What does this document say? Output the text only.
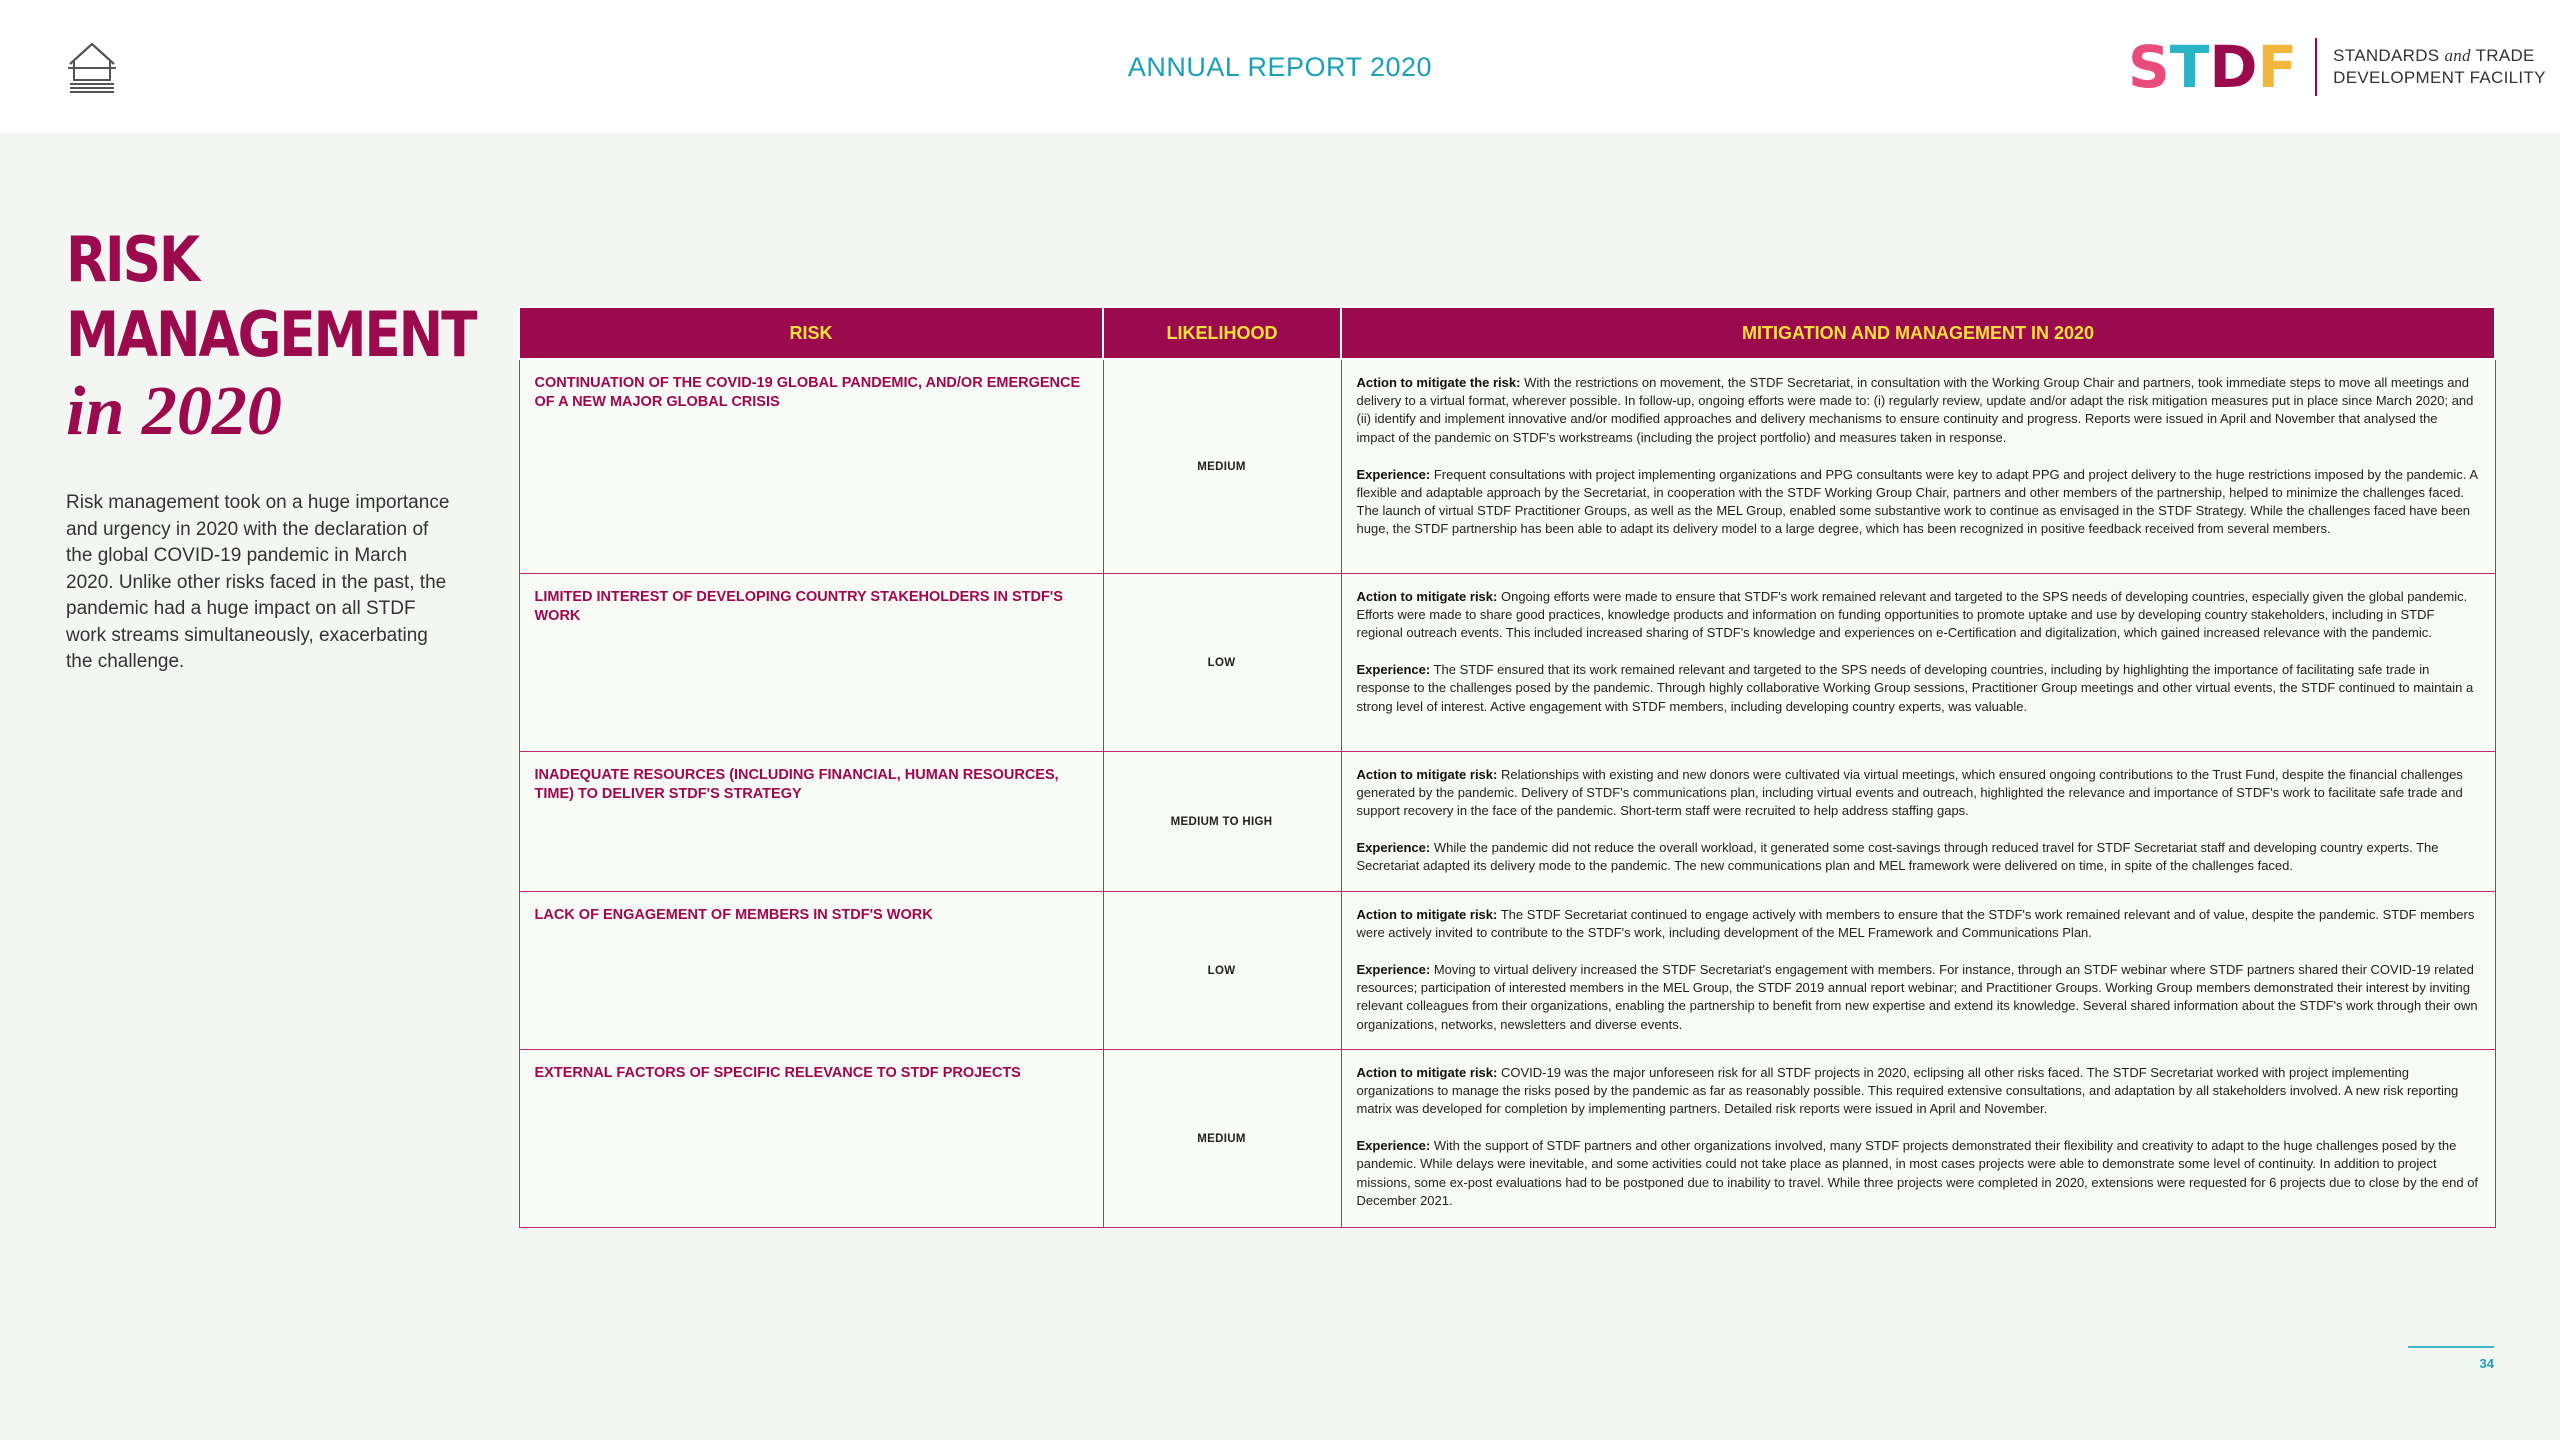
ANNUAL REPORT 2020	S T D F STANDARDS and TRADE
DEVELOPMENT FACILITY
RISK
MANAGEMENT
in 2020

Risk management took on a huge importance and urgency in 2020 with the declaration of the global COVID-19 pandemic in March 2020. Unlike other risks faced in the past, the pandemic had a huge impact on all STDF work streams simultaneously, exacerbating the challenge.

RISK	LIKELIHOOD	MITIGATION AND MANAGEMENT IN 2020

CONTINUATION OF THE COVID-19 GLOBAL PANDEMIC, AND/OR EMERGENCE OF A NEW MAJOR GLOBAL CRISIS	MEDIUM	Action to mitigate the risk: With the restrictions on movement, the STDF Secretariat, in consultation with the Working Group Chair and partners, took immediate steps to move all meetings and delivery to a virtual format, wherever possible. In follow-up, ongoing efforts were made to: (i) regularly review, update and/or adapt the risk mitigation measures put in place since March 2020; and (ii) identify and implement innovative and/or modified approaches and delivery mechanisms to ensure continuity and progress. Reports were issued in April and November that analysed the impact of the pandemic on STDF's workstreams (including the project portfolio) and measures taken in response.

Experience: Frequent consultations with project implementing organizations and PPG consultants were key to adapt PPG and project delivery to the huge restrictions imposed by the pandemic. A flexible and adaptable approach by the Secretariat, in cooperation with the STDF Working Group Chair, partners and other members of the partnership, helped to minimize the challenges faced. The launch of virtual STDF Practitioner Groups, as well as the MEL Group, enabled some substantive work to continue as envisaged in the STDF Strategy. While the challenges faced have been huge, the STDF partnership has been able to adapt its delivery model to a large degree, which has been recognized in positive feedback received from several members.

LIMITED INTEREST OF DEVELOPING COUNTRY STAKEHOLDERS IN STDF'S WORK	LOW	Action to mitigate risk: Ongoing efforts were made to ensure that STDF's work remained relevant and targeted to the SPS needs of developing countries, especially given the global pandemic. Efforts were made to share good practices, knowledge products and information on funding opportunities to promote uptake and use by developing country stakeholders, including in STDF regional outreach events. This included increased sharing of STDF's knowledge and experiences on e-Certification and digitalization, which gained increased relevance with the pandemic.

Experience: The STDF ensured that its work remained relevant and targeted to the SPS needs of developing countries, including by highlighting the importance of facilitating safe trade in response to the challenges posed by the pandemic. Through highly collaborative Working Group sessions, Practitioner Group meetings and other virtual events, the STDF continued to maintain a strong level of interest. Active engagement with STDF members, including developing country experts, was valuable.

INADEQUATE RESOURCES (INCLUDING FINANCIAL, HUMAN RESOURCES, TIME) TO DELIVER STDF'S STRATEGY	MEDIUM TO HIGH	Action to mitigate risk: Relationships with existing and new donors were cultivated via virtual meetings, which ensured ongoing contributions to the Trust Fund, despite the financial challenges generated by the pandemic. Delivery of STDF's communications plan, including virtual events and outreach, highlighted the relevance and importance of STDF's work to facilitate safe trade and support recovery in the face of the pandemic. Short-term staff were recruited to help address staffing gaps.

Experience: While the pandemic did not reduce the overall workload, it generated some cost-savings through reduced travel for STDF Secretariat staff and developing country experts. The Secretariat adapted its delivery mode to the pandemic. The new communications plan and MEL framework were delivered on time, in spite of the challenges faced.

LACK OF ENGAGEMENT OF MEMBERS IN STDF'S WORK	LOW	Action to mitigate risk: The STDF Secretariat continued to engage actively with members to ensure that the STDF's work remained relevant and of value, despite the pandemic. STDF members were actively invited to contribute to the STDF's work, including development of the MEL Framework and Communications Plan.

Experience: Moving to virtual delivery increased the STDF Secretariat's engagement with members. For instance, through an STDF webinar where STDF partners shared their COVID-19 related resources; participation of interested members in the MEL Group, the STDF 2019 annual report webinar; and Practitioner Groups. Working Group members demonstrated their interest by inviting relevant colleagues from their organizations, enabling the partnership to benefit from new expertise and extend its knowledge. Several shared information about the STDF's work through their own organizations, networks, newsletters and diverse events.

EXTERNAL FACTORS OF SPECIFIC RELEVANCE TO STDF PROJECTS	MEDIUM	Action to mitigate risk: COVID-19 was the major unforeseen risk for all STDF projects in 2020, eclipsing all other risks faced. The STDF Secretariat worked with project implementing organizations to manage the risks posed by the pandemic as far as reasonably possible. This required extensive consultations, and adaptation by all stakeholders involved. A new risk reporting matrix was developed for completion by implementing partners. Detailed risk reports were issued in April and November.

Experience: With the support of STDF partners and other organizations involved, many STDF projects demonstrated their flexibility and creativity to adapt to the huge challenges posed by the pandemic. While delays were inevitable, and some activities could not take place as planned, in most cases projects were able to demonstrate some level of continuity. In addition to project missions, some ex-post evaluations had to be postponed due to inability to travel. While three projects were completed in 2020, extensions were requested for 6 projects due to close by the end of December 2021.

34
